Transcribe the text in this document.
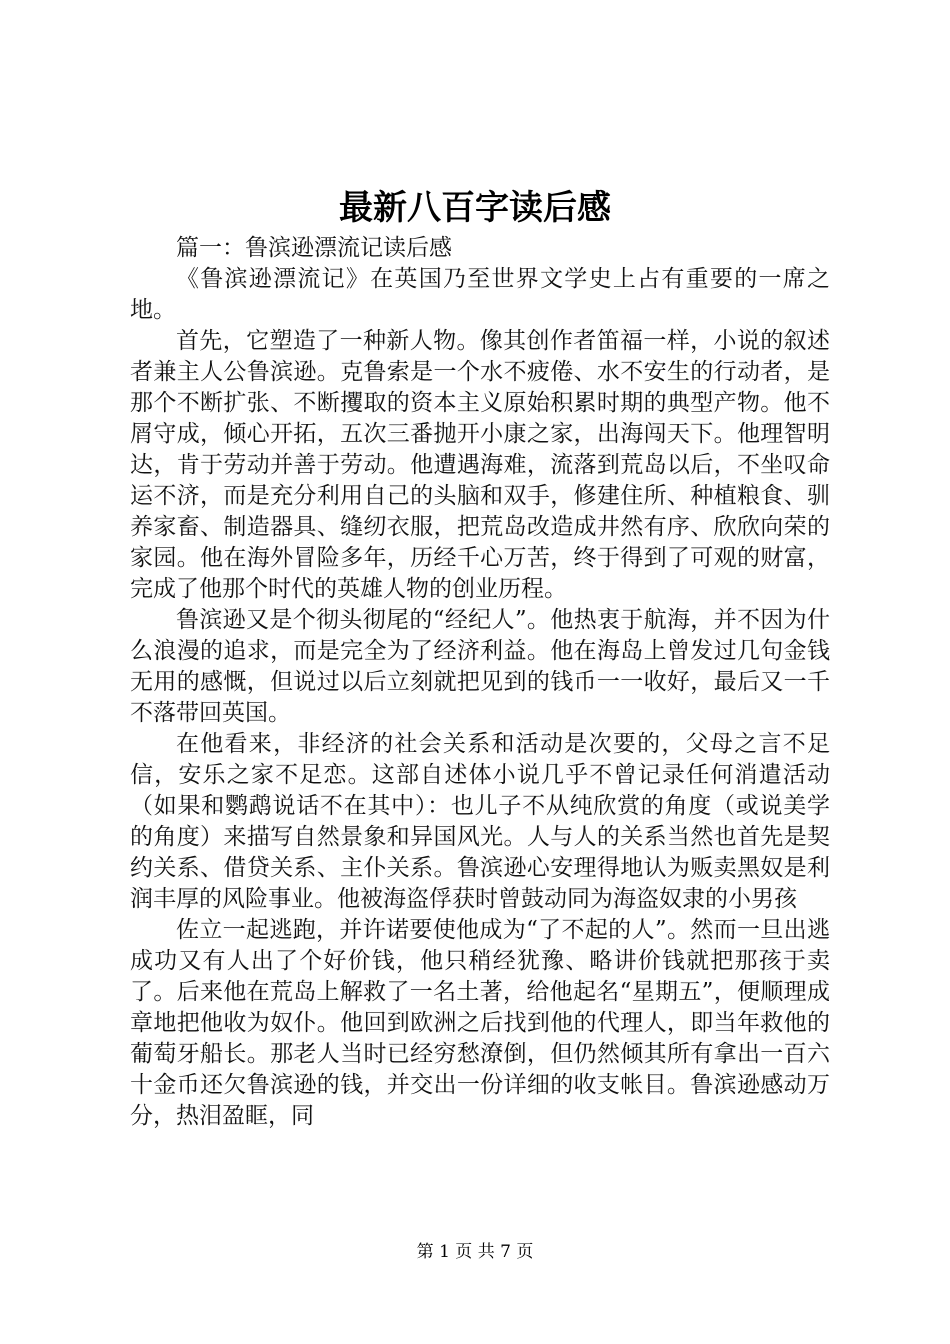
最新八百字读后感

篇一：鲁滨逊漂流记读后感

《鲁滨逊漂流记》在英国乃至世界文学史上占有重要的一席之地。

首先，它塑造了一种新人物。像其创作者笛福一样，小说的叙述者兼主人公鲁滨逊。克鲁索是一个水不疲倦、水不安生的行动者，是那个不断扩张、不断攫取的资本主义原始积累时期的典型产物。他不屑守成，倾心开拓，五次三番抛开小康之家，出海闯天下。他理智明达，肯于劳动并善于劳动。他遭遇海难，流落到荒岛以后，不坐叹命运不济，而是充分利用自己的头脑和双手，修建住所、种植粮食、驯养家畜、制造器具、缝纫衣服，把荒岛改造成井然有序、欣欣向荣的家园。他在海外冒险多年，历经千心万苦，终于得到了可观的财富，完成了他那个时代的英雄人物的创业历程。

鲁滨逊又是个彻头彻尾的“经纪人”。他热衷于航海，并不因为什么浪漫的追求，而是完全为了经济利益。他在海岛上曾发过几句金钱无用的感慨，但说过以后立刻就把见到的钱币一一收好，最后又一千不落带回英国。

在他看来，非经济的社会关系和活动是次要的，父母之言不足信，安乐之家不足恋。这部自述体小说几乎不曾记录任何消遣活动（如果和鹦鹉说话不在其中）：也儿子不从纯欣赏的角度（或说美学的角度）来描写自然景象和异国风光。人与人的关系当然也首先是契约关系、借贷关系、主仆关系。鲁滨逊心安理得地认为贩卖黑奴是利润丰厚的风险事业。他被海盗俘获时曾鼓动同为海盗奴隶的小男孩

佐立一起逃跑，并许诺要使他成为“了不起的人”。然而一旦出逃成功又有人出了个好价钱，他只稍经犹豫、略讲价钱就把那孩于卖了。后来他在荒岛上解救了一名土著，给他起名“星期五”，便顺理成章地把他收为奴仆。他回到欧洲之后找到他的代理人，即当年救他的葡萄牙船长。那老人当时已经穷愁潦倒，但仍然倾其所有拿出一百六十金币还欠鲁滨逊的钱，并交出一份详细的收支帐目。鲁滨逊感动万分，热泪盈眶，同

第 1 页 共 7 页
